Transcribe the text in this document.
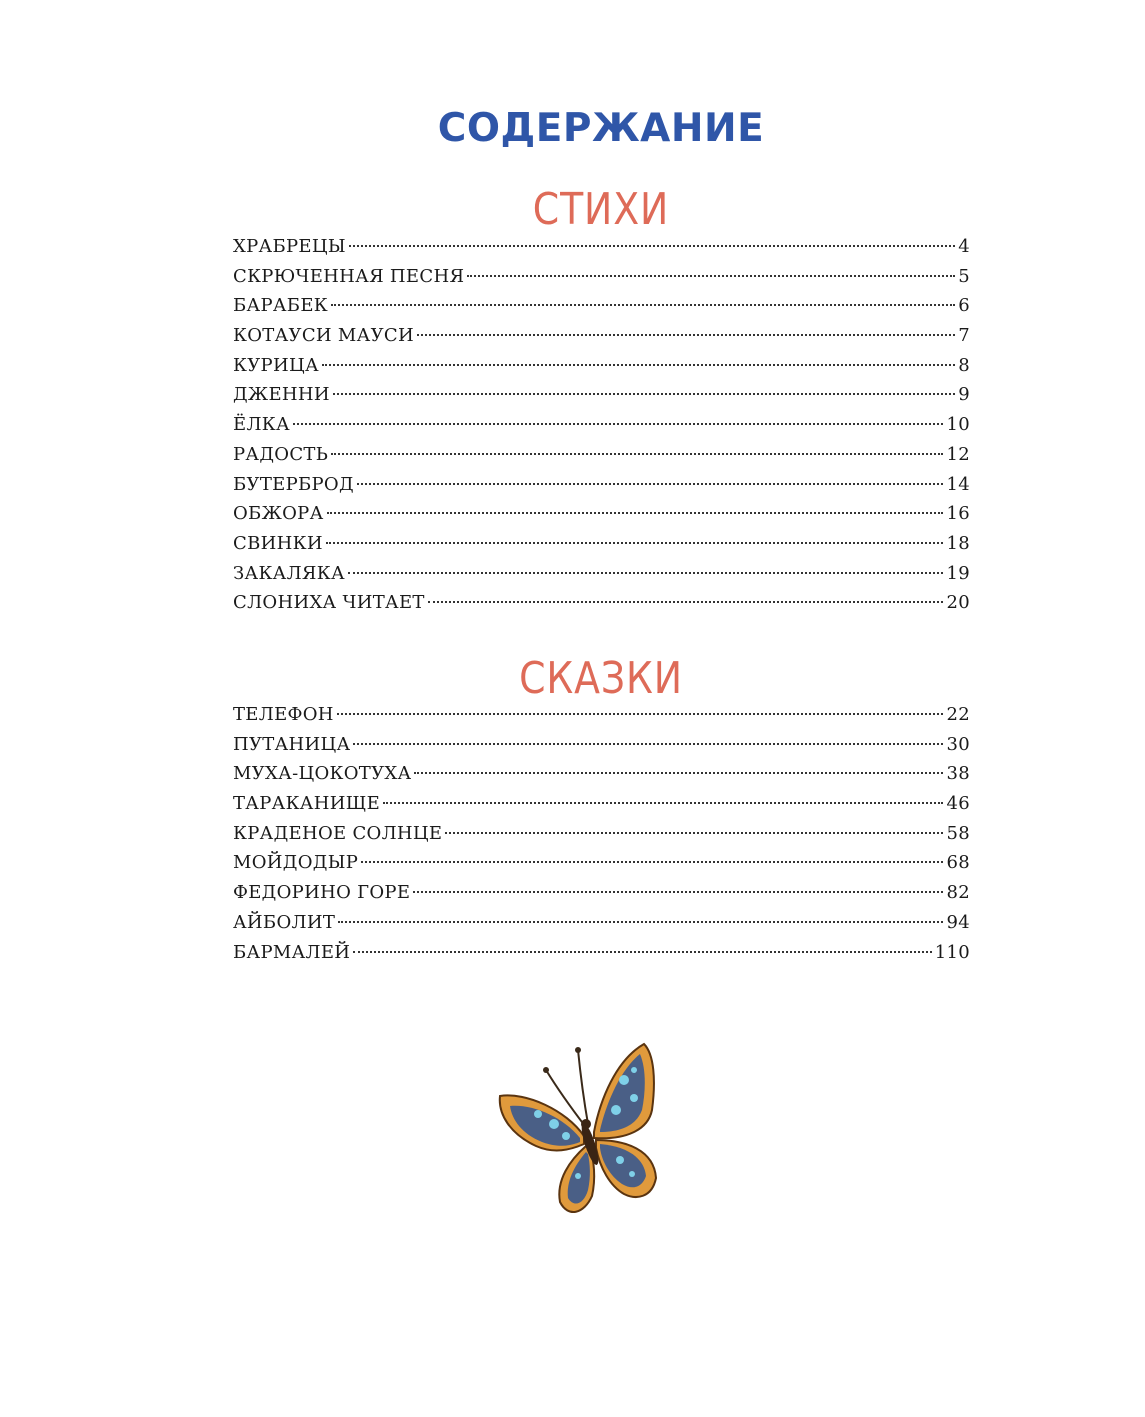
СОДЕРЖАНИЕ
СТИХИ
ХРАБРЕЦЫ	4
СКРЮЧЕННАЯ ПЕСНЯ	5
БАРАБЕК	6
КОТАУСИ МАУСИ	7
КУРИЦА	8
ДЖЕННИ	9
ЁЛКА	10
РАДОСТЬ	12
БУТЕРБРОД	14
ОБЖОРА	16
СВИНКИ	18
ЗАКАЛЯКА	19
СЛОНИХА ЧИТАЕТ	20
СКАЗКИ
ТЕЛЕФОН	22
ПУТАНИЦА	30
МУХА-ЦОКОТУХА	38
ТАРАКАНИЩЕ	46
КРАДЕНОЕ СОЛНЦЕ	58
МОЙДОДЫР	68
ФЕДОРИНО ГОРЕ	82
АЙБОЛИТ	94
БАРМАЛЕЙ	110
